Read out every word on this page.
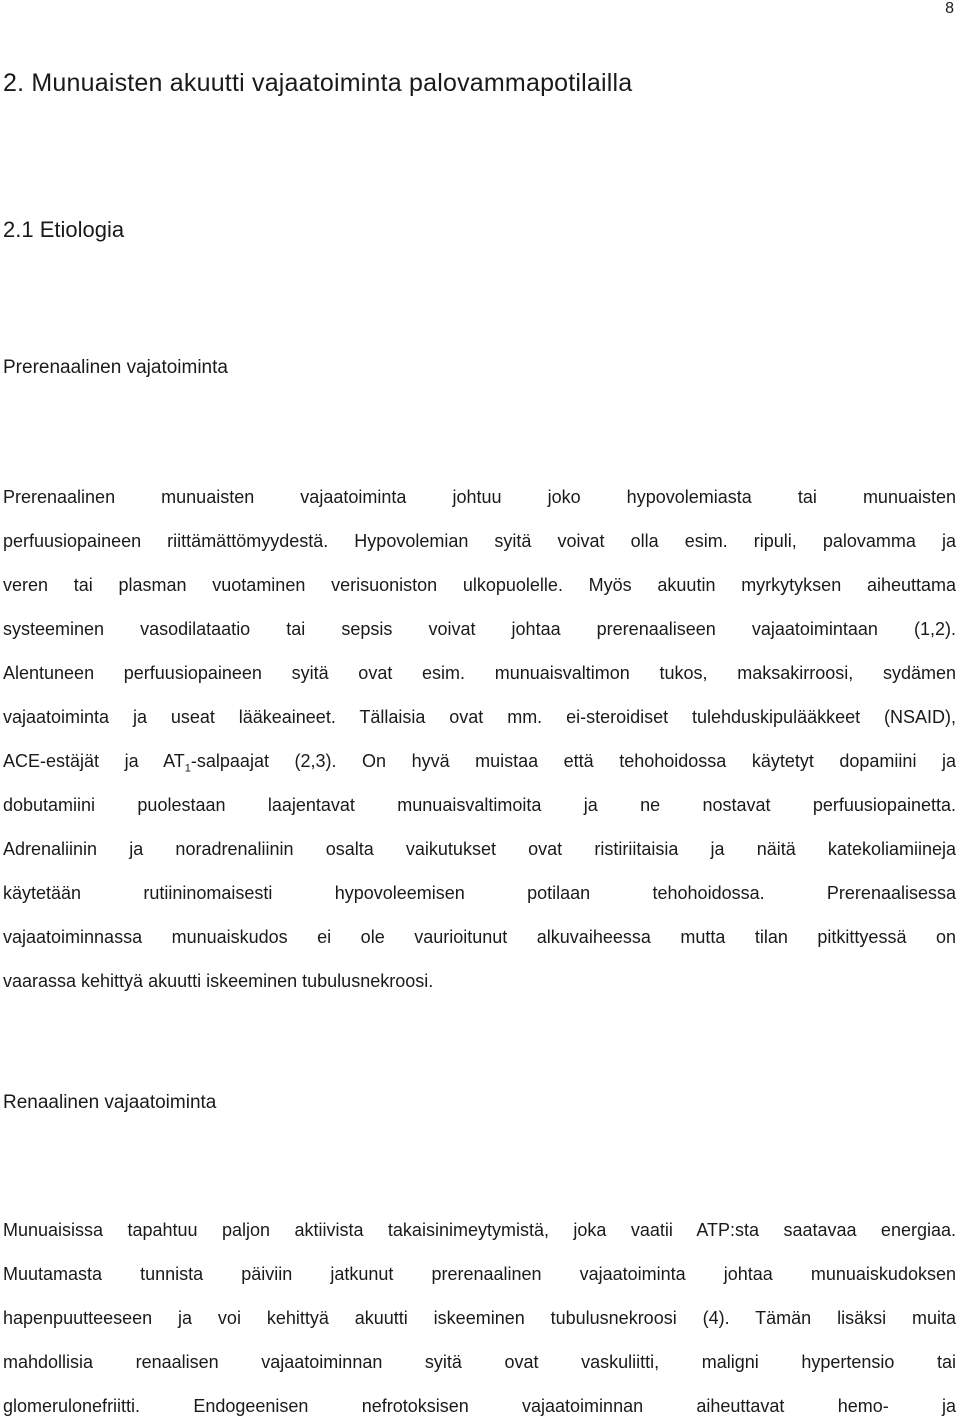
8
2. Munuaisten akuutti vajaatoiminta palovammapotilailla
2.1 Etiologia
Prerenaalinen vajatoiminta
Prerenaalinen munuaisten vajaatoiminta johtuu joko hypovolemiasta tai munuaisten
perfuusiopaineen riittämättömyydestä. Hypovolemian syitä voivat olla esim. ripuli, palovamma ja
veren tai plasman vuotaminen verisuoniston ulkopuolelle. Myös akuutin myrkytyksen aiheuttama
systeeminen vasodilataatio tai sepsis voivat johtaa prerenaaliseen vajaatoimintaan (1,2).
Alentuneen perfuusiopaineen syitä ovat esim. munuaisvaltimon tukos, maksakirroosi, sydämen
vajaatoiminta ja useat lääkeaineet. Tällaisia ovat mm. ei-steroidiset tulehduskipulääkkeet (NSAID),
ACE-estäjät ja $AT_1$-salpaajat (2,3). On hyvä muistaa että tehohoidossa käytetyt dopamiini ja
dobutamiini puolestaan laajentavat munuaisvaltimoita ja ne nostavat perfuusiopainetta.
Adrenaliinin ja noradrenaliinin osalta vaikutukset ovat ristiriitaisia ja näitä katekoliamiineja
käytetään rutiininomaisesti hypovoleemisen potilaan tehohoidossa. Prerenaalisessa
vajaatoiminnassa munuaiskudos ei ole vaurioitunut alkuvaiheessa mutta tilan pitkittyessä on
vaarassa kehittyä akuutti iskeeminen tubulusnekroosi.
Renaalinen vajaatoiminta
Munuaisissa tapahtuu paljon aktiivista takaisinimeytymistä, joka vaatii ATP:sta saatavaa energiaa.
Muutamasta tunnista päiviin jatkunut prerenaalinen vajaatoiminta johtaa munuaiskudoksen
hapenpuutteeseen ja voi kehittyä akuutti iskeeminen tubulusnekroosi (4). Tämän lisäksi muita
mahdollisia renaalisen vajaatoiminnan syitä ovat vaskuliitti, maligni hypertensio tai
glomerulonefriitti. Endogeenisen nefrotoksisen vajaatoiminnan aiheuttavat hemo- ja
